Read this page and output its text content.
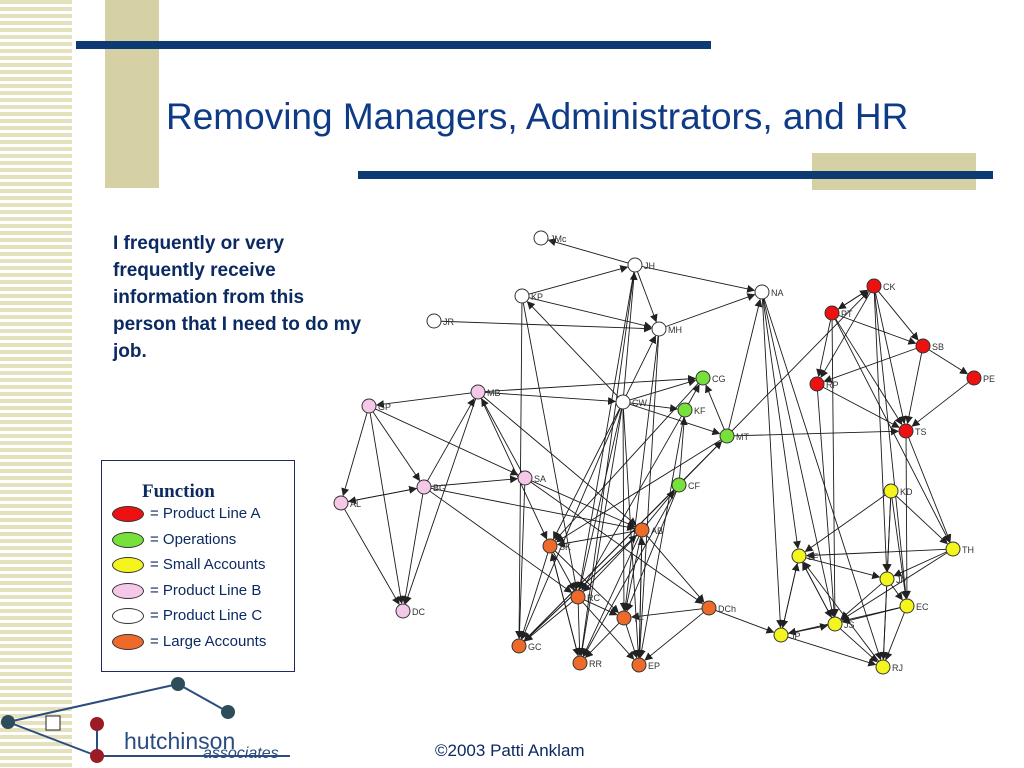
Removing Managers, Administrators, and HR
I frequently or very frequently receive information from this person that I need to do my job.
Function
= Product Line A
= Operations
= Small Accounts
= Product Line B
= Product Line C
= Large Accounts
JMc
JH
KP	NA
JR
MH
CW
CG
KF
MT
CF
CK
PT
SB
RP
PE
TS
MB
GP
SA
BG
AL
DC
AB
SK
RC
TF
DCh
GC
RR	EP
KD
TH
LF
JM
EC
JP
JS
RJ
hutchinson
associates	©2003 Patti Anklam
